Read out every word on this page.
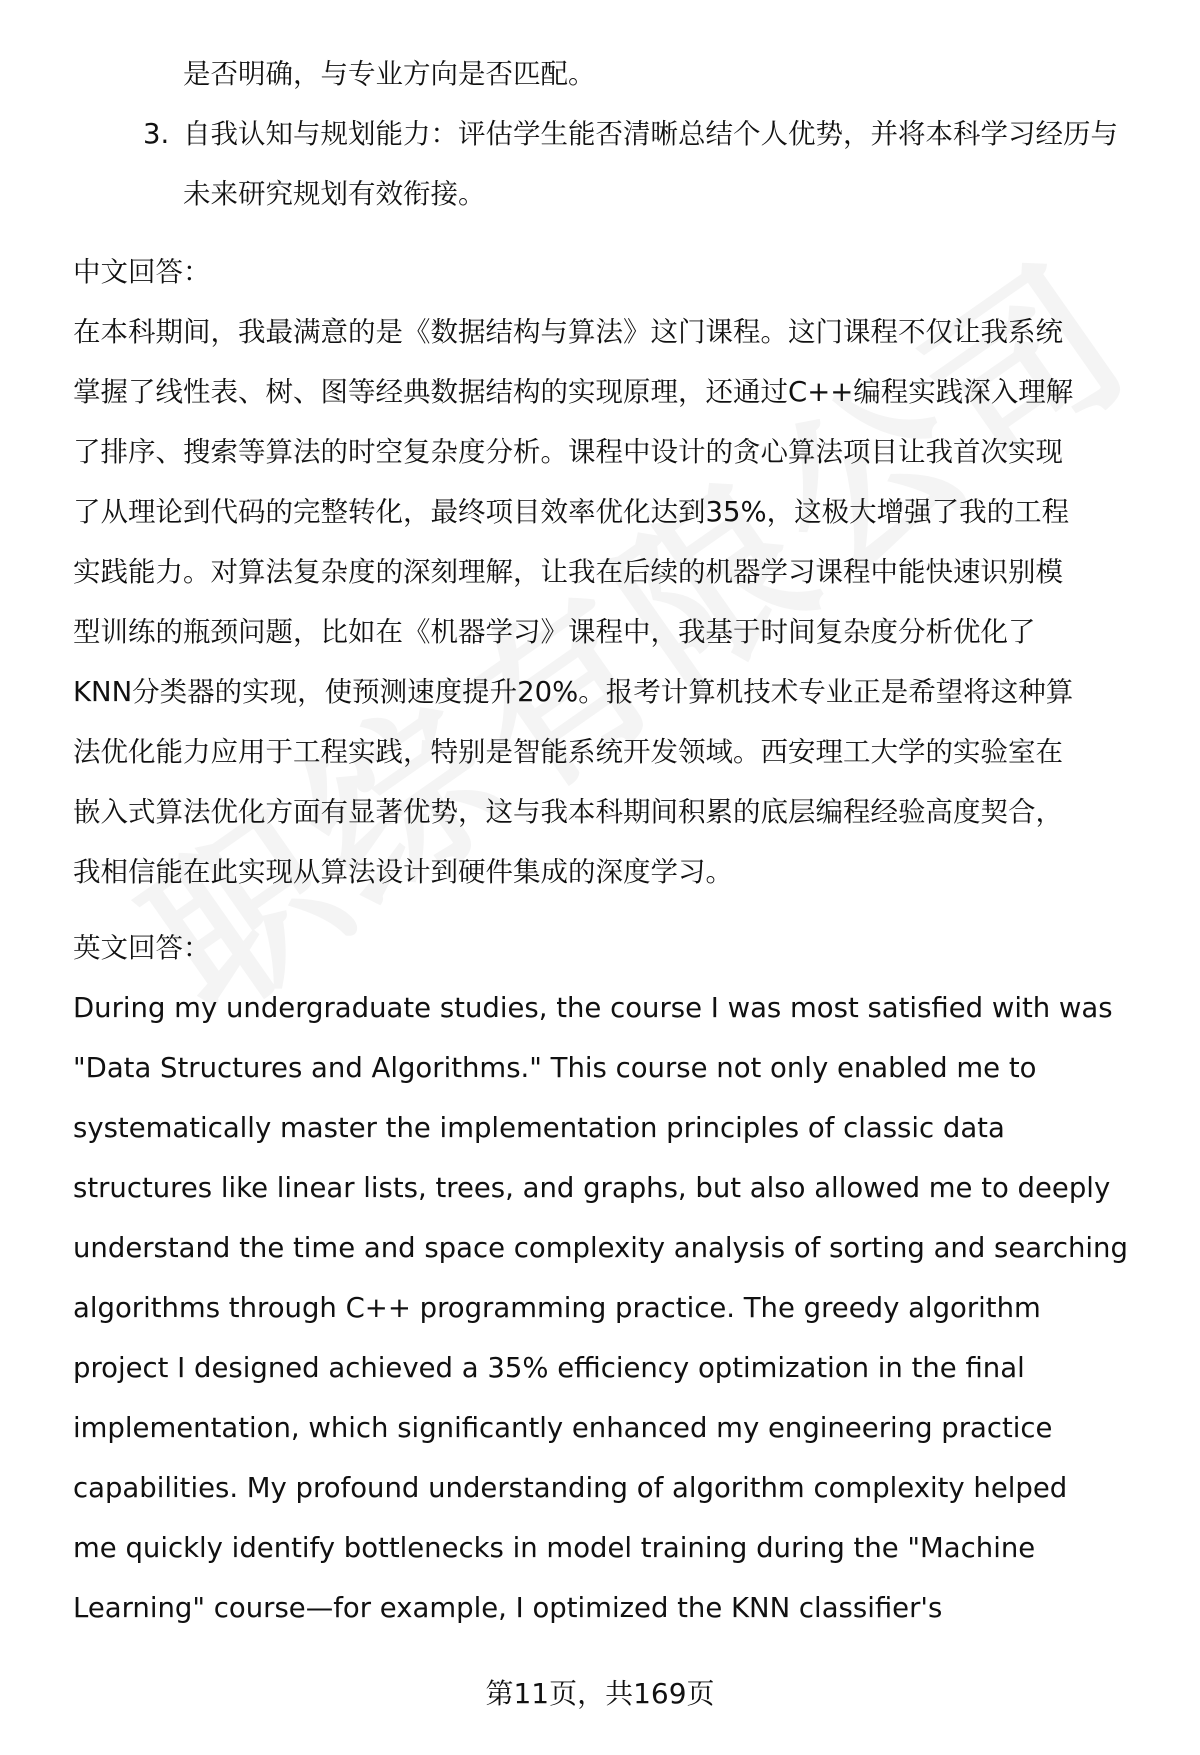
是否明确，与专业方向是否匹配。
3. 自我认知与规划能力：评估学生能否清晰总结个人优势，并将本科学习经历与
未来研究规划有效衔接。
中文回答：
在本科期间，我最满意的是《数据结构与算法》这门课程。这门课程不仅让我系统
掌握了线性表、树、图等经典数据结构的实现原理，还通过C++编程实践深入理解
了排序、搜索等算法的时空复杂度分析。课程中设计的贪心算法项目让我首次实现
了从理论到代码的完整转化，最终项目效率优化达到35%，这极大增强了我的工程
实践能力。对算法复杂度的深刻理解，让我在后续的机器学习课程中能快速识别模
型训练的瓶颈问题，比如在《机器学习》课程中，我基于时间复杂度分析优化了
KNN分类器的实现，使预测速度提升20%。报考计算机技术专业正是希望将这种算
法优化能力应用于工程实践，特别是智能系统开发领域。西安理工大学的实验室在
嵌入式算法优化方面有显著优势，这与我本科期间积累的底层编程经验高度契合，
我相信能在此实现从算法设计到硬件集成的深度学习。
英文回答：
During my undergraduate studies, the course I was most satisfied with was
"Data Structures and Algorithms." This course not only enabled me to
systematically master the implementation principles of classic data
structures like linear lists, trees, and graphs, but also allowed me to deeply
understand the time and space complexity analysis of sorting and searching
algorithms through C++ programming practice. The greedy algorithm
project I designed achieved a 35% efficiency optimization in the final
implementation, which significantly enhanced my engineering practice
capabilities. My profound understanding of algorithm complexity helped
me quickly identify bottlenecks in model training during the "Machine
Learning" course—for example, I optimized the KNN classifier's
第11页，共169页
